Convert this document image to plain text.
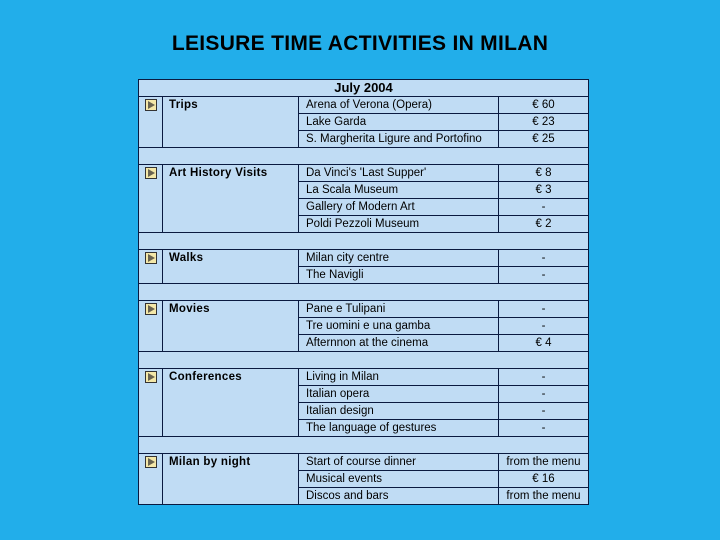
LEISURE TIME ACTIVITIES IN MILAN
July 2004			
	Trips	Arena of Verona (Opera)	€ 60
		Lake Garda	€ 23
		S. Margherita Ligure and Portofino	€ 25

	Art History Visits	Da Vinci's 'Last Supper'	€ 8
		La Scala Museum	€ 3
		Gallery of Modern Art	-
		Poldi Pezzoli Museum	€ 2

	Walks	Milan city centre	-
		The Navigli	-

	Movies	Pane e Tulipani	-
		Tre uomini e una gamba	-
		Afternnon at the cinema	€ 4

	Conferences	Living in Milan	-
		Italian opera	-
		Italian design	-
		The language of gestures	-

	Milan by night	Start of course dinner	from the menu
		Musical events	€ 16
		Discos and bars	from the menu
